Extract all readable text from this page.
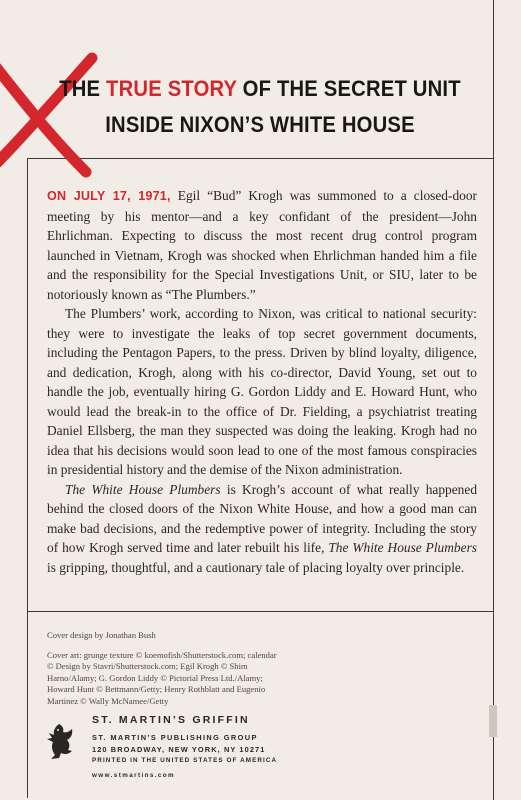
THE TRUE STORY OF THE SECRET UNIT
INSIDE NIXON’S WHITE HOUSE

ON JULY 17, 1971, Egil “Bud” Krogh was summoned to a closed-door meeting by his mentor—and a key confidant of the president—John Ehrlichman. Expecting to discuss the most recent drug control program launched in Vietnam, Krogh was shocked when Ehrlichman handed him a file and the responsibility for the Special Investigations Unit, or SIU, later to be notoriously known as “The Plumbers.”

The Plumbers’ work, according to Nixon, was critical to national security: they were to investigate the leaks of top secret government documents, including the Pentagon Papers, to the press. Driven by blind loyalty, diligence, and dedication, Krogh, along with his co-director, David Young, set out to handle the job, eventually hiring G. Gordon Liddy and E. Howard Hunt, who would lead the break-in to the office of Dr. Fielding, a psychiatrist treating Daniel Ellsberg, the man they suspected was doing the leaking. Krogh had no idea that his decisions would soon lead to one of the most famous conspiracies in presidential history and the demise of the Nixon administration.

The White House Plumbers is Krogh’s account of what really happened behind the closed doors of the Nixon White House, and how a good man can make bad decisions, and the redemptive power of integrity. Including the story of how Krogh served time and later rebuilt his life, The White House Plumbers is gripping, thoughtful, and a cautionary tale of placing loyalty over principle.

Cover design by Jonathan Bush
Cover art: grunge texture © koemofish/Shutterstock.com; calendar © Design by Stavri/Shutterstock.com; Egil Krogh © Shim Harno/Alamy; G. Gordon Liddy © Pictorial Press Ltd./Alamy; Howard Hunt © Bettmann/Getty; Henry Rothblatt and Eugenio Martinez © Wally McNamee/Getty
ST. MARTIN’S GRIFFIN
ST. MARTIN’S PUBLISHING GROUP
120 BROADWAY, NEW YORK, NY 10271
PRINTED IN THE UNITED STATES OF AMERICA
www.stmartins.com
